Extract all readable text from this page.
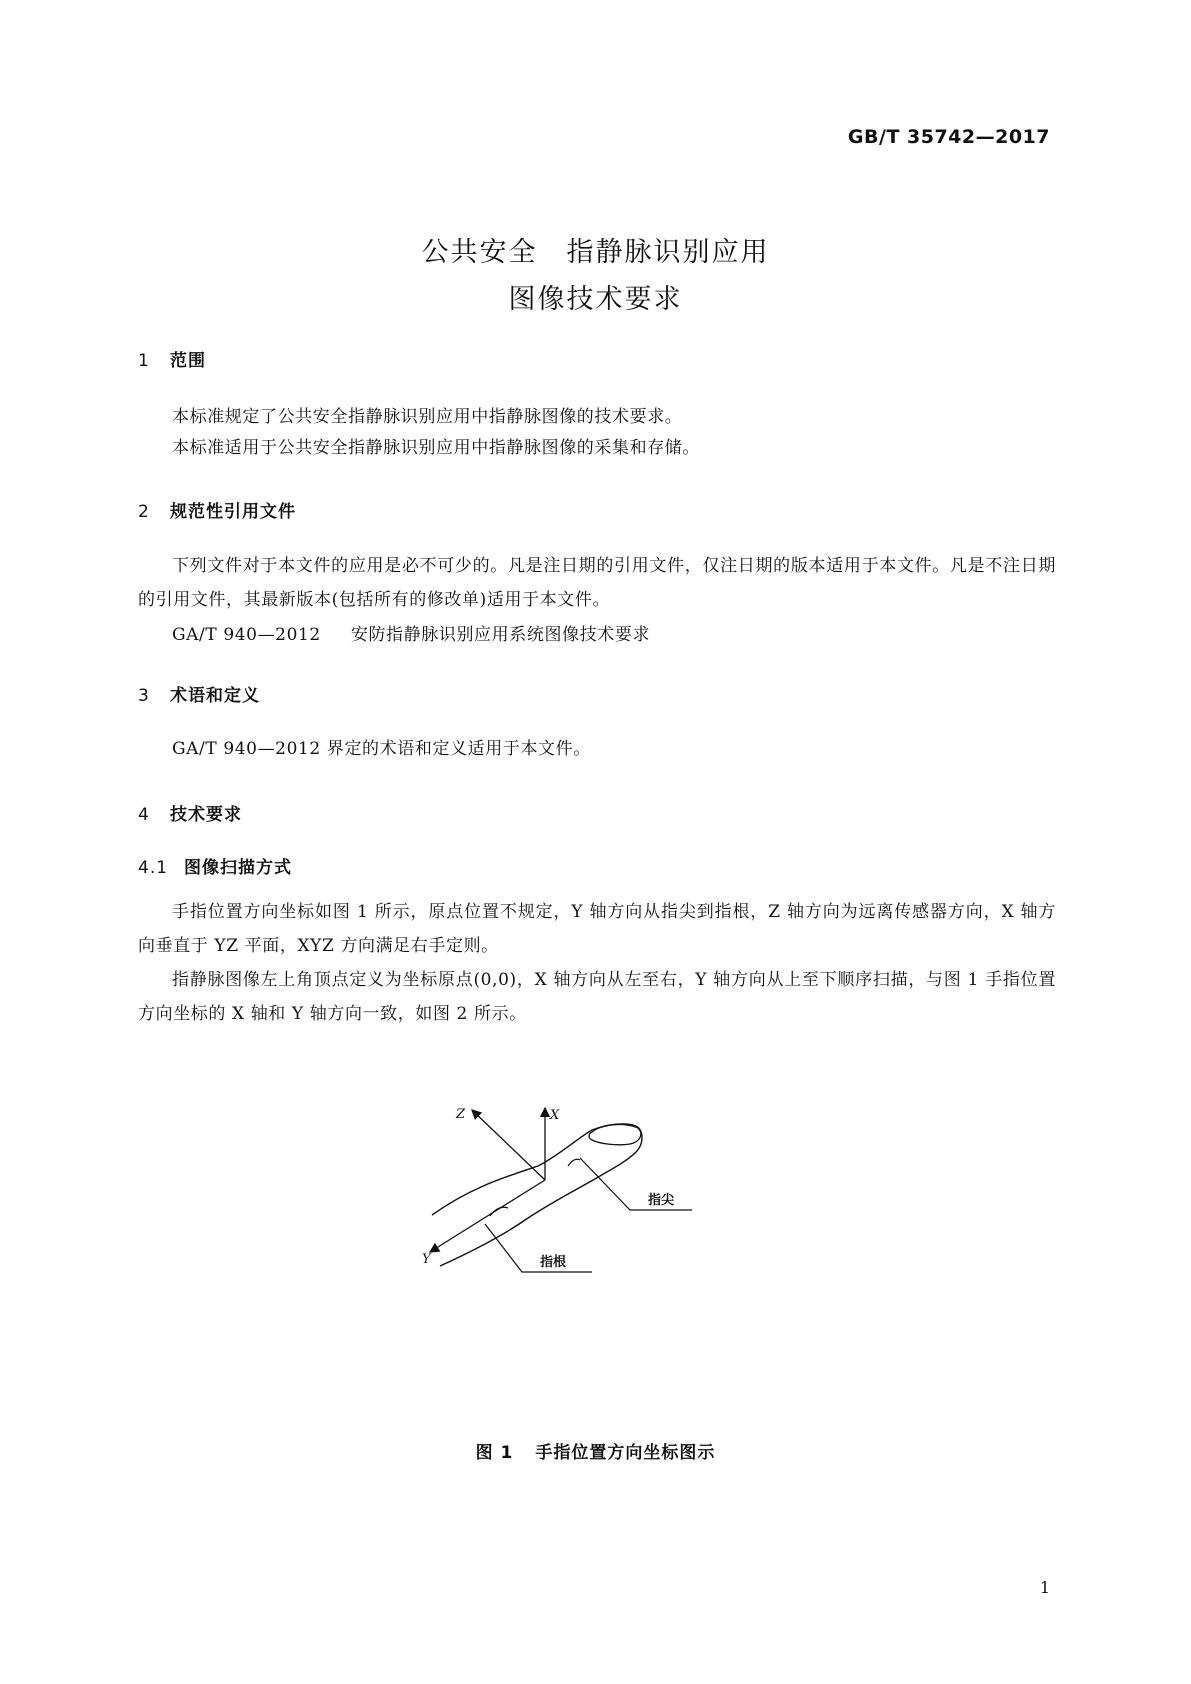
GB/T 35742—2017
公共安全　指静脉识别应用
图像技术要求
1 范围
本标准规定了公共安全指静脉识别应用中指静脉图像的技术要求。
本标准适用于公共安全指静脉识别应用中指静脉图像的采集和存储。
2 规范性引用文件
下列文件对于本文件的应用是必不可少的。凡是注日期的引用文件，仅注日期的版本适用于本文件。凡是不注日期的引用文件，其最新版本(包括所有的修改单)适用于本文件。
GA/T 940—2012 安防指静脉识别应用系统图像技术要求
3 术语和定义
GA/T 940—2012 界定的术语和定义适用于本文件。
4 技术要求
4.1 图像扫描方式
手指位置方向坐标如图 1 所示，原点位置不规定，Y 轴方向从指尖到指根，Z 轴方向为远离传感器方向，X 轴方向垂直于 YZ 平面，XYZ 方向满足右手定则。
指静脉图像左上角顶点定义为坐标原点(0,0)，X 轴方向从左至右，Y 轴方向从上至下顺序扫描，与图 1 手指位置方向坐标的 X 轴和 Y 轴方向一致，如图 2 所示。
Z	X
Y
指尖
指根
图 1 手指位置方向坐标图示
1
